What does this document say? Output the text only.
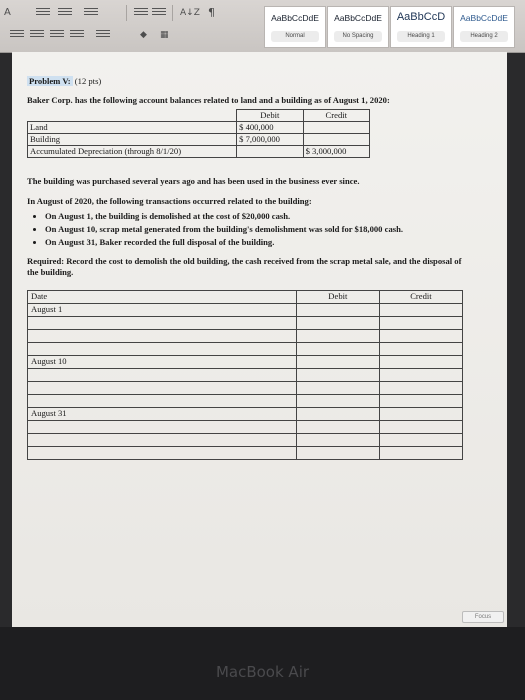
A	A↓Z ¶
◆ ▦
AaBbCcDdE
Normal
AaBbCcDdE
No Spacing
AaBbCcD
Heading 1
AaBbCcDdE
Heading 2
Problem V: (12 pts)
Baker Corp. has the following account balances related to land and a building as of August 1, 2020:
	Debit	Credit
Land	$ 400,000	
Building	$ 7,000,000	
Accumulated Depreciation (through 8/1/20)		$ 3,000,000
The building was purchased several years ago and has been used in the business ever since.
In August of 2020, the following transactions occurred related to the building:
• On August 1, the building is demolished at the cost of $20,000 cash.
• On August 10, scrap metal generated from the building's demolishment was sold for $18,000 cash.
• On August 31, Baker recorded the full disposal of the building.
Required: Record the cost to demolish the old building, the cash received from the scrap metal sale, and the disposal of the building.
Date	Debit	Credit
August 1		

August 10		

August 31		

Focus
MacBook Air
